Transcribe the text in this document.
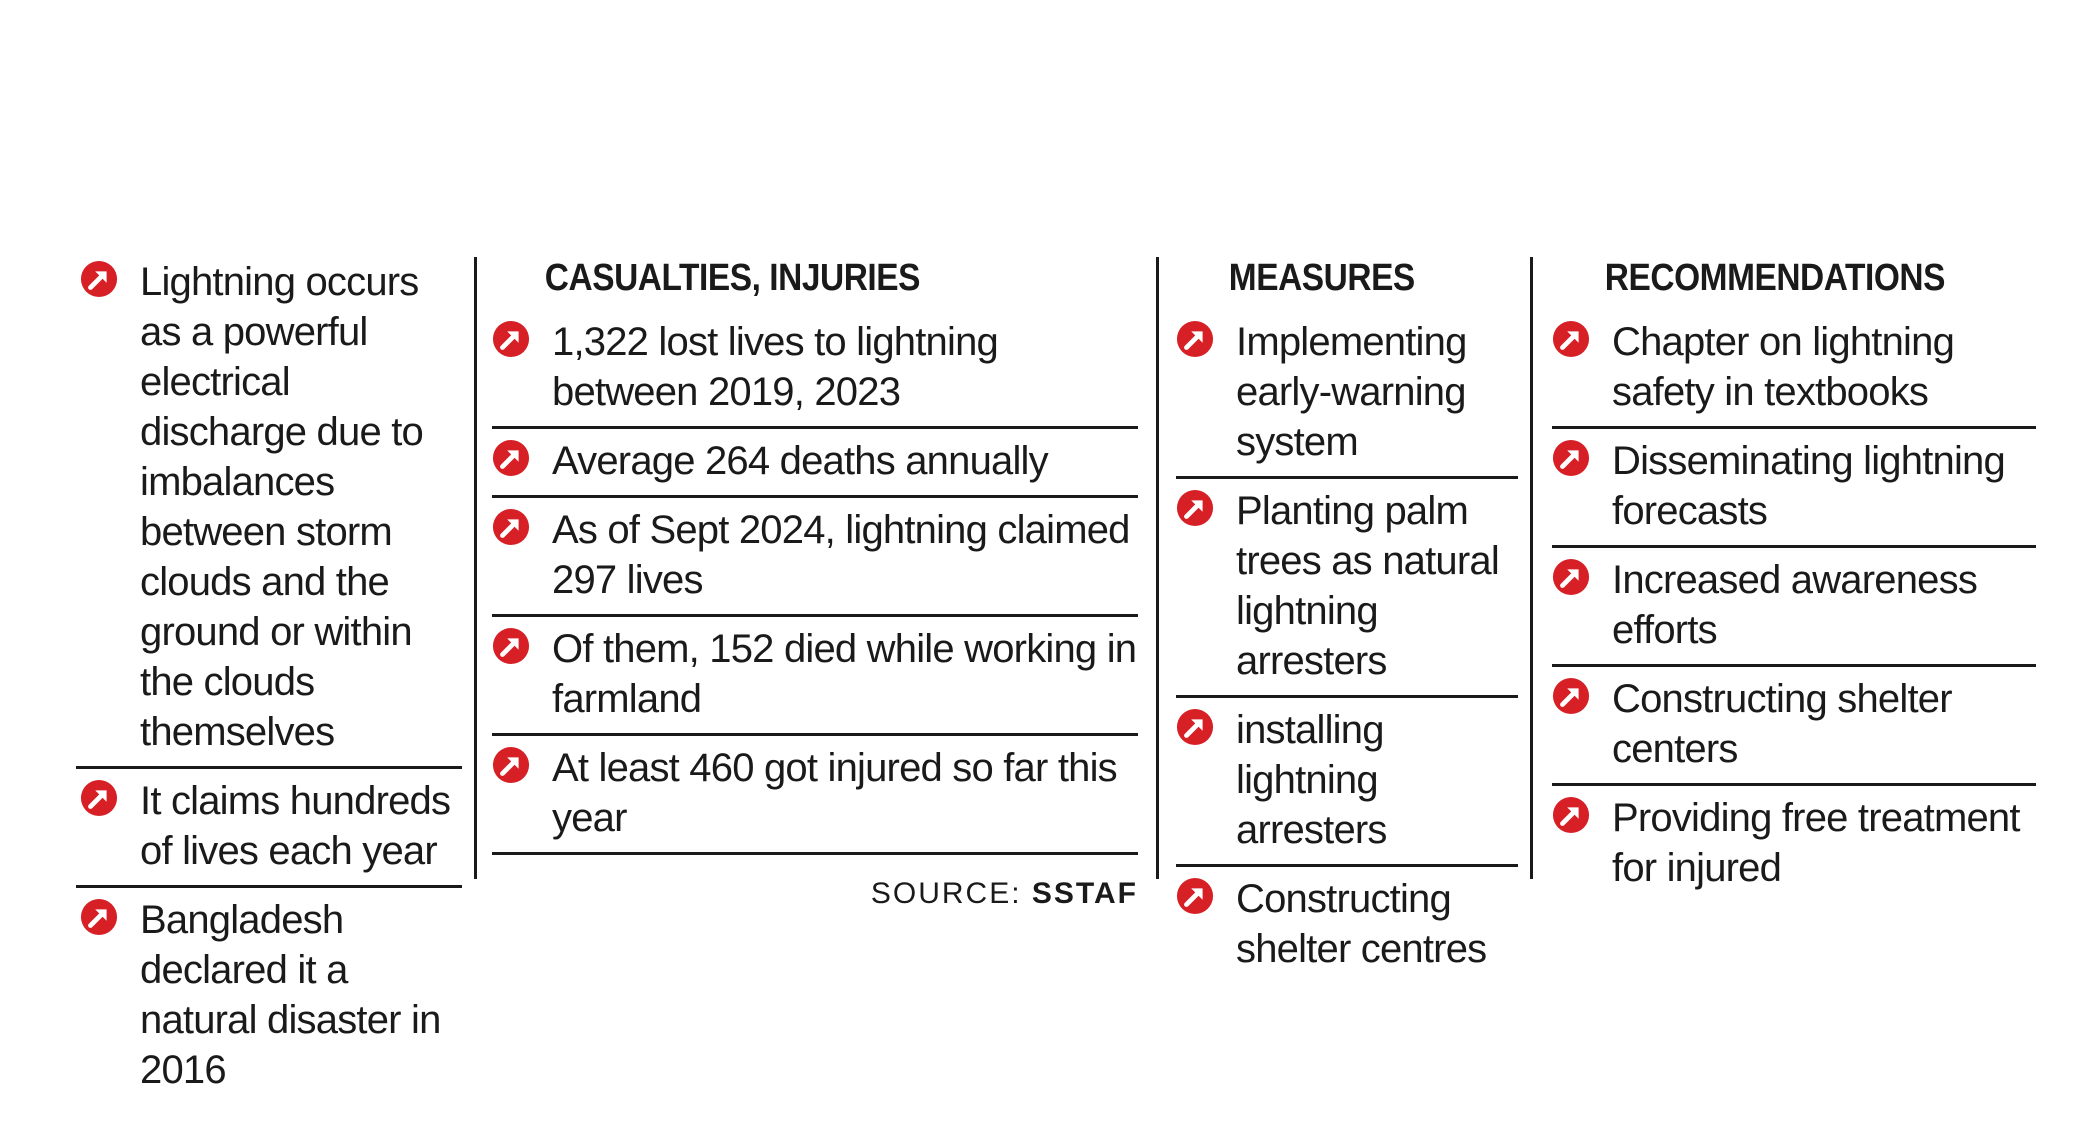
Lightning occurs as a powerful electrical discharge due to imbalances between storm clouds and the ground or within the clouds themselves
It claims hundreds of lives each year
Bangladesh declared it a natural disaster in 2016
CASUALTIES, INJURIES
1,322 lost lives to lightning between 2019, 2023
Average 264 deaths annually
As of Sept 2024, lightning claimed 297 lives
Of them, 152 died while working in farmland
At least 460 got injured so far this year
SOURCE: SSTAF
MEASURES
Implementing early-warning system
Planting palm trees as natural lightning arresters
installing lightning arresters
Constructing shelter centres
RECOMMENDATIONS
Chapter on lightning safety in textbooks
Disseminating lightning forecasts
Increased awareness efforts
Constructing shelter centers
Providing free treatment for injured
